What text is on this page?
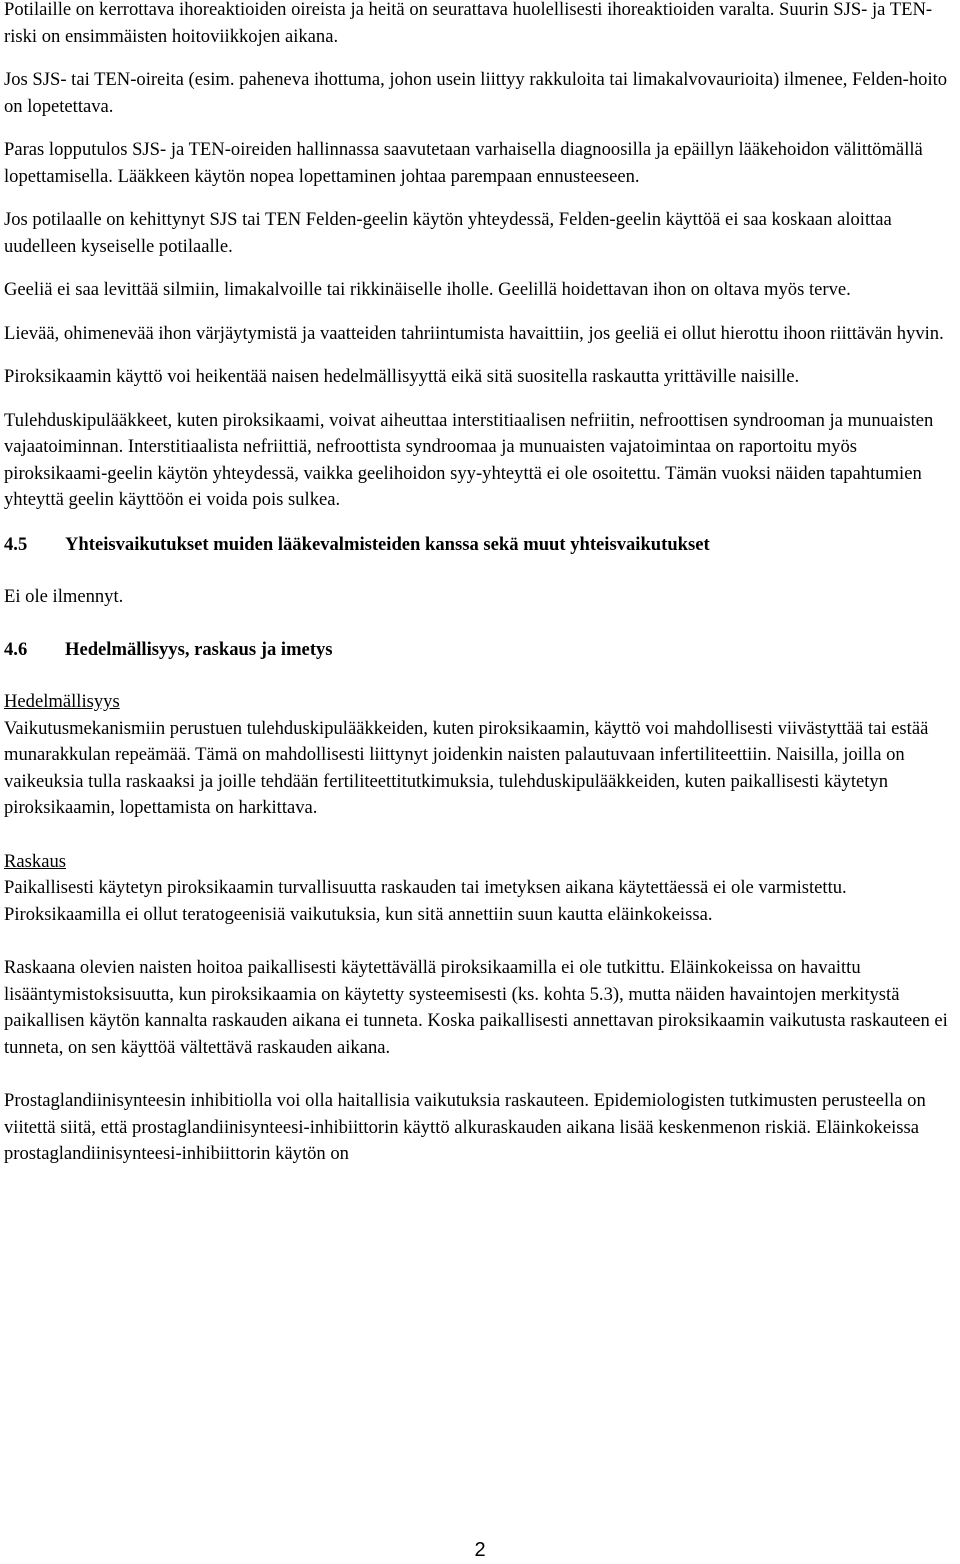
Potilaille on kerrottava ihoreaktioiden oireista ja heitä on seurattava huolellisesti ihoreaktioiden varalta. Suurin SJS- ja TEN-riski on ensimmäisten hoitoviikkojen aikana.

Jos SJS- tai TEN-oireita (esim. paheneva ihottuma, johon usein liittyy rakkuloita tai limakalvovaurioita) ilmenee, Felden-hoito on lopetettava.

Paras lopputulos SJS- ja TEN-oireiden hallinnassa saavutetaan varhaisella diagnoosilla ja epäillyn lääkehoidon välittömällä lopettamisella. Lääkkeen käytön nopea lopettaminen johtaa parempaan ennusteeseen.

Jos potilaalle on kehittynyt SJS tai TEN Felden-geelin käytön yhteydessä, Felden-geelin käyttöä ei saa koskaan aloittaa uudelleen kyseiselle potilaalle.

Geeliä ei saa levittää silmiin, limakalvoille tai rikkinäiselle iholle. Geelillä hoidettavan ihon on oltava myös terve.

Lievää, ohimenevää ihon värjäytymistä ja vaatteiden tahriintumista havaittiin, jos geeliä ei ollut hierottu ihoon riittävän hyvin.

Piroksikaamin käyttö voi heikentää naisen hedelmällisyyttä eikä sitä suositella raskautta yrittäville naisille.

Tulehduskipulääkkeet, kuten piroksikaami, voivat aiheuttaa interstitiaalisen nefriitin, nefroottisen syndrooman ja munuaisten vajaatoiminnan. Interstitiaalista nefriittiä, nefroottista syndroomaa ja munuaisten vajatoimintaa on raportoitu myös piroksikaami-geelin käytön yhteydessä, vaikka geelihoidon syy-yhteyttä ei ole osoitettu. Tämän vuoksi näiden tapahtumien yhteyttä geelin käyttöön ei voida pois sulkea.

4.5	Yhteisvaikutukset muiden lääkevalmisteiden kanssa sekä muut yhteisvaikutukset

Ei ole ilmennyt.

4.6	Hedelmällisyys, raskaus ja imetys
Hedelmällisyys

Vaikutusmekanismiin perustuen tulehduskipulääkkeiden, kuten piroksikaamin, käyttö voi mahdollisesti viivästyttää tai estää munarakkulan repeämää. Tämä on mahdollisesti liittynyt joidenkin naisten palautuvaan infertiliteettiin. Naisilla, joilla on vaikeuksia tulla raskaaksi ja joille tehdään fertiliteettitutkimuksia, tulehduskipulääkkeiden, kuten paikallisesti käytetyn piroksikaamin, lopettamista on harkittava.

Raskaus

Paikallisesti käytetyn piroksikaamin turvallisuutta raskauden tai imetyksen aikana käytettäessä ei ole varmistettu. Piroksikaamilla ei ollut teratogeenisiä vaikutuksia, kun sitä annettiin suun kautta eläinkokeissa.

Raskaana olevien naisten hoitoa paikallisesti käytettävällä piroksikaamilla ei ole tutkittu. Eläinkokeissa on havaittu lisääntymistoksisuutta, kun piroksikaamia on käytetty systeemisesti (ks. kohta 5.3), mutta näiden havaintojen merkitystä paikallisen käytön kannalta raskauden aikana ei tunneta. Koska paikallisesti annettavan piroksikaamin vaikutusta raskauteen ei tunneta, on sen käyttöä vältettävä raskauden aikana.

Prostaglandiinisynteesin inhibitiolla voi olla haitallisia vaikutuksia raskauteen. Epidemiologisten tutkimusten perusteella on viitettä siitä, että prostaglandiinisynteesi-inhibiittorin käyttö alkuraskauden aikana lisää keskenmenon riskiä. Eläinkokeissa prostaglandiinisynteesi-inhibiittorin käytön on

2
